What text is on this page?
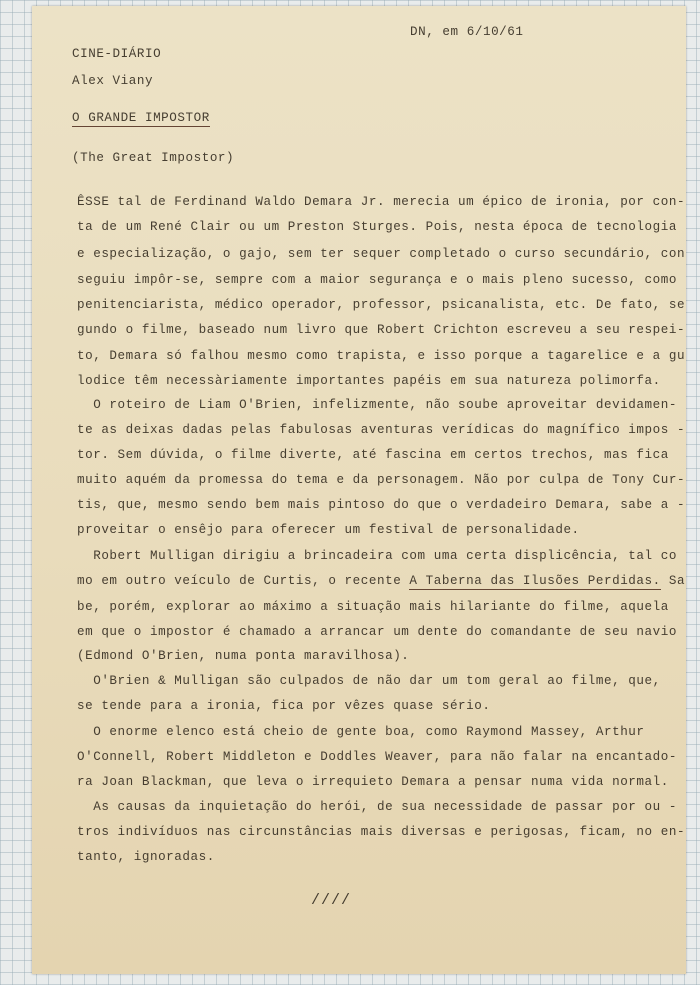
DN, em 6/10/61
CINE-DIÁRIO
Alex Viany
O GRANDE IMPOSTOR
(The Great Impostor)
ÊSSE tal de Ferdinand Waldo Demara Jr. merecia um épico de ironia, por con-
ta de um René Clair ou um Preston Sturges. Pois, nesta época de tecnologia
e especialização, o gajo, sem ter sequer completado o curso secundário, con
seguiu impôr-se, sempre com a maior segurança e o mais pleno sucesso, como
penitenciarista, médico operador, professor, psicanalista, etc. De fato, se
gundo o filme, baseado num livro que Robert Crichton escreveu a seu respei-
to, Demara só falhou mesmo como trapista, e isso porque a tagarelice e a gu
lodice têm necessàriamente importantes papéis em sua natureza polimorfa.
O roteiro de Liam O'Brien, infelizmente, não soube aproveitar devidamen-
te as deixas dadas pelas fabulosas aventuras verídicas do magnífico impos -
tor. Sem dúvida, o filme diverte, até fascina em certos trechos, mas fica
muito aquém da promessa do tema e da personagem. Não por culpa de Tony Cur-
tis, que, mesmo sendo bem mais pintoso do que o verdadeiro Demara, sabe a -
proveitar o ensêjo para oferecer um festival de personalidade.
Robert Mulligan dirigiu a brincadeira com uma certa displicência, tal co
mo em outro veículo de Curtis, o recente A Taberna das Ilusões Perdidas. Sa
be, porém, explorar ao máximo a situação mais hilariante do filme, aquela
em que o impostor é chamado a arrancar um dente do comandante de seu navio
(Edmond O'Brien, numa ponta maravilhosa).
O'Brien & Mulligan são culpados de não dar um tom geral ao filme, que,
se tende para a ironia, fica por vêzes quase sério.
O enorme elenco está cheio de gente boa, como Raymond Massey, Arthur
O'Connell, Robert Middleton e Doddles Weaver, para não falar na encantado-
ra Joan Blackman, que leva o irrequieto Demara a pensar numa vida normal.
As causas da inquietação do herói, de sua necessidade de passar por ou -
tros indivíduos nas circunstâncias mais diversas e perigosas, ficam, no en-
tanto, ignoradas.
////
